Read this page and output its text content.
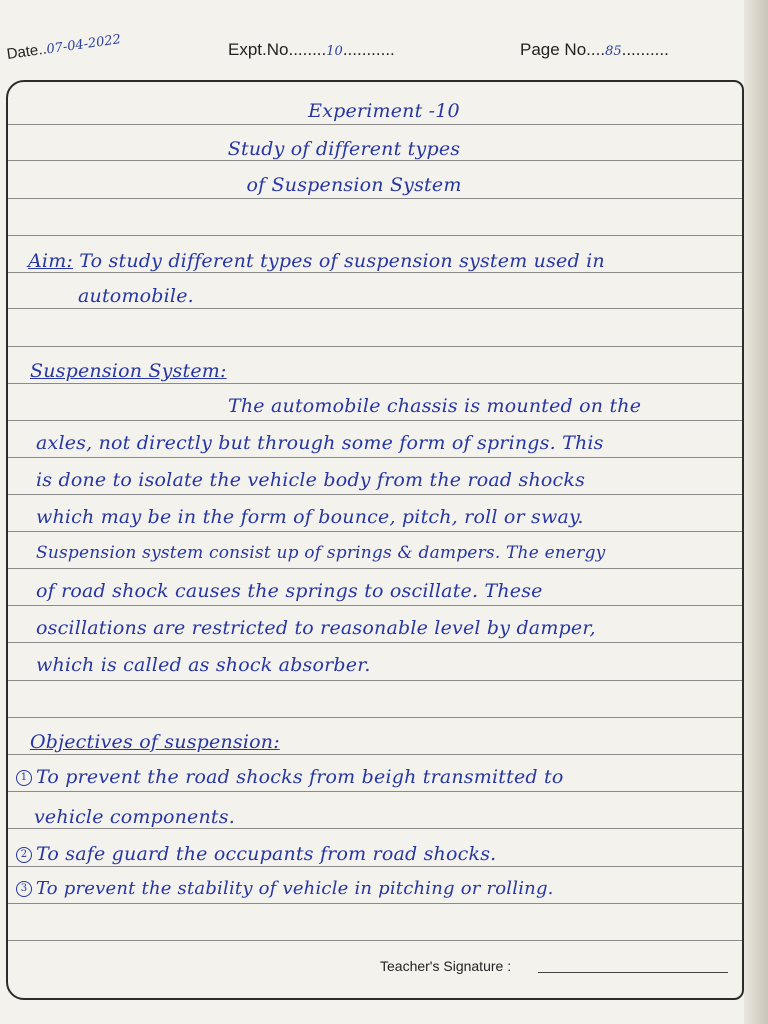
Date..07-04-2022	Expt.No........10...........	Page No....85..........
Experiment -10
Study of different types
of Suspension System
Aim: To study different types of suspension system used in
automobile.
Suspension System:
The automobile chassis is mounted on the
axles, not directly but through some form of springs. This
is done to isolate the vehicle body from the road shocks
which may be in the form of bounce, pitch, roll or sway.
Suspension system consist up of springs & dampers. The energy
of road shock causes the springs to oscillate. These
oscillations are restricted to reasonable level by damper,
which is called as shock absorber.
Objectives of suspension:
1 To prevent the road shocks from beigh transmitted to
vehicle components.
2 To safe guard the occupants from road shocks.
3 To prevent the stability of vehicle in pitching or rolling.
Teacher's Signature :
